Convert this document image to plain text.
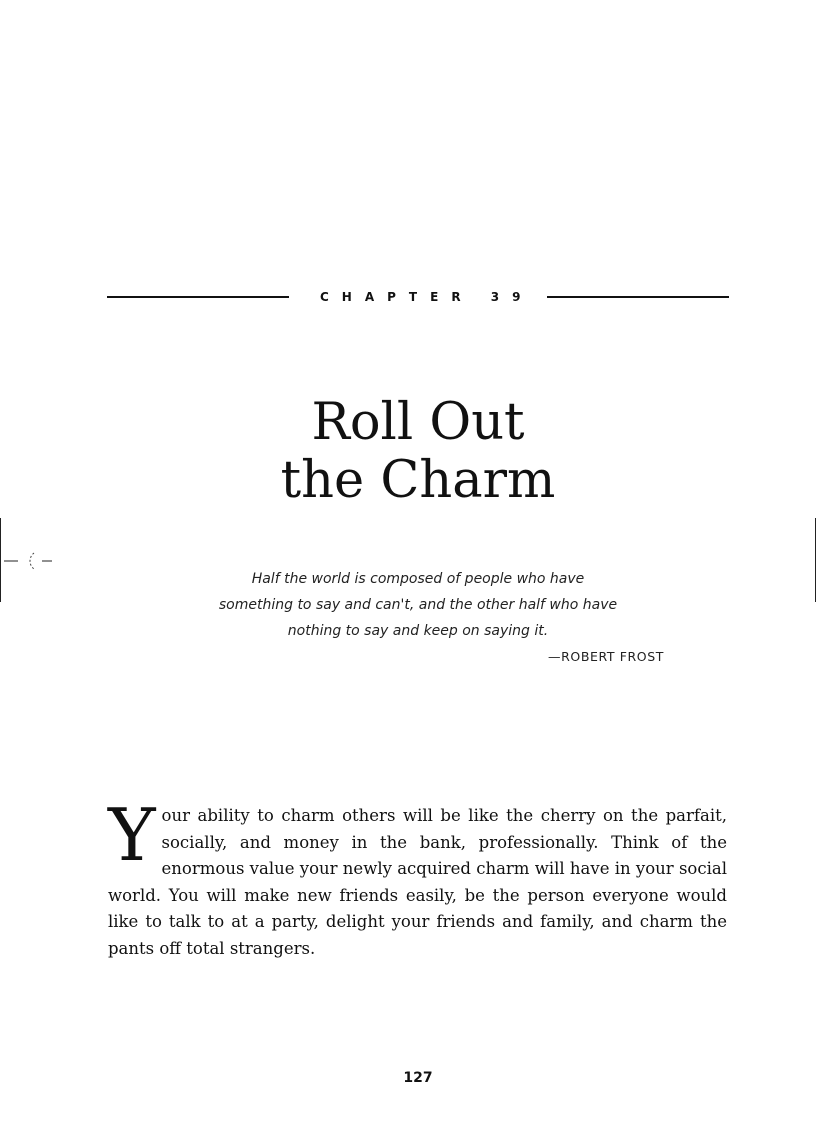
CHAPTER 39
Roll Out
the Charm
Half the world is composed of people who have
something to say and can't, and the other half who have
nothing to say and keep on saying it.
—ROBERT FROST

Your ability to charm others will be like the cherry on the parfait, socially, and money in the bank, professionally. Think of the enormous value your newly acquired charm will have in your social world. You will make new friends easily, be the person everyone would like to talk to at a party, delight your friends and family, and charm the pants off total strangers.

127
